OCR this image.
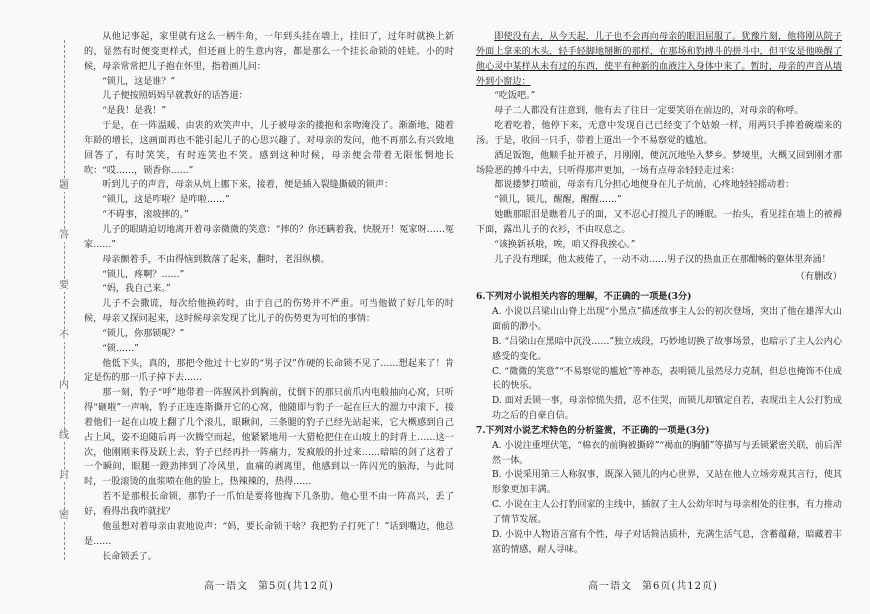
题
答
要
不
内
线
封
密

从他记事起，家里就有这么一柄牛角，一年到头挂在墙上，挂旧了，过年时就换上新的，显然有时便变更样式，但还画上的生意内容，都是那么一个挂长命锁的娃娃。小的时候，母亲常常把儿子抱在怀里，指着画儿问：

“锁儿，这是谁？”

儿子便按照妈妈早就教好的话答道：

“是我！是我！”

于是，在一阵温暖、由衷的欢笑声中，儿子被母亲的搂抱和亲吻淹没了。渐渐地，随着年龄的增长，这画面再也不能引起儿子的心思兴趣了。对母亲的发问，他不再那么有兴致地回答了，有时笑笑，有时连笑也不笑。感到这种时候，母亲便会带着无限怅惘地长吹：“哎……，锁香你……”

听到儿子的声音，母亲从炕上挪下来，接着，便是插入裂缝撕破的锁声：

“锁儿，这是咋啦？是咋啦……”

“不碍事，滚坡摔的。”

儿子的眼睛迫切地离开着母亲微微的笑意：“摔的？你还瞒着我，快脱开！冤家呀……冤家……”

母亲颤着手，不由得恼到数落了起来，翻时，老泪纵横。

“锁儿，疼啊？……”

“妈，我自己来。”

儿子不会撒谎，每次给他换药时，由于自己的伤势并不严重。可当他做了好几年的时候，母亲又探问起来，这时候母亲发现了比儿子的伤势更为可怕的事情：

“锁儿，你那锁呢？”

“锁……”

他低下头，真的，那把令他过十七岁的“男子汉”作硬的长命锁不见了……想起来了！肯定是伤的那一爪子掉下去……

那一刻，豹子“呼”地带着一阵腥风扑到胸前，仗倒下的那只前爪内电般抽向心窝，只听得“砸啦”一声响，豹子正连连斯撕开它的心窝，他随即与豹子一起在巨大的溜力中滚下，接着他们一起在山坡上翻了几个滚儿，眼瞅间，三条腿的豹子已经先站起来，它大概感到自己占上风，姿不迫随后再一次腾空而起，他紧紧地用一大猎枪把住在山坡上的封背上……这一次，他刚刚来得及跃上去，豹子已经再扑一阵痛力，发疯般的扑过来……暗暗的剑了这着了一个瞬间，眼腿一蹬劲摔到了冷风里，血痛的剥离里，他感到以一阵闪光的脑海，与此同时，一股滚烫的血浆喷在他的脸上，热辣辣的，热得……

若不是那根长命锁，那豹子一爪怕是要将他掏下几条肋。他心里不由一阵高兴，丢了好，看得出我咋就找？

他虽想对着母亲由衷地说声：“妈，要长命锁干啥？我把豹子打死了！”话到嘴边，他总是……

长命锁丢了。

即使没有去，从今天起，儿子也不会再向母亲的眼泪屈服了。犹豫片刻，他将刚从院子外面上拿来的木头，轻手轻脚地掰断的那样，在那场和豹搏斗的拼斗中，但平安是他唤醒了他心灵中某样从未有过的东西，使平有种新的血液注入身体中来了。暂时，母亲的声音从墙外到小窗边：

“吃饭吧。”

母子二人都没有注意到，他有去了往日一定要笑语在前边的，对母亲的称呼。

吃着吃着，他停下来，无意中发现自己已经变了个姑娘一样，用两只手捧着碗端来的汤。于是，收回一只手，带着上道出一个不易察觉的尴尬。

酒足饭饱，他顺手扯开被子，月刚刚，便沉沉地坠入梦乡。梦境里，大概又回到刚才那场险恶的搏斗中去，只听得那声更加，一场有点母亲轻轻走过来：

都说搂梦打喷前，母亲有几分担心地便身在儿子炕前，心疼地轻轻摇动着：

“锁儿，锁儿，醒醒，醒醒……”

她瞧那眼泪是瞧着儿子的面，又不忍心打搅儿子的睡眠。一抬头，看见挂在墙上的被褥下面，露出儿子的衣衫，不由叹息之。

“该换新袄啦，唉，咱又得我挨心。”

儿子没有理睬，他太疲倦了，一动不动……男子汉的热血正在那酣畅的躯体里奔涌！

（有删改）

6.下列对小说相关内容的理解，不正确的一项是(3分)

A. 小说以吕梁山山脊上出现“小黑点”描述故事主人公的初次登场，突出了他在雄浑大山面前的渺小。

B. “吕梁山在黑暗中沉没……”独立成段，巧妙地切换了故事场景，也暗示了主人公内心感受的变化。

C. “微微的笑意”“不易察觉的尴尬”等神态，表明锁儿虽然尽力克制，但总也掩饰不住成长的快乐。

D. 面对丢锁一事，母亲惊慌失措，忍不住哭，而锁儿却镇定自若，表现出主人公打豹成功之后的自豪自信。

7.下列对小说艺术特色的分析鉴赏，不正确的一项是(3分)

A. 小说注重埋伏笔，“棉衣的前胸被撕碎”“褐血的胸脯”等描写与丢锁紧密关联，前后浑然一体。

B. 小说采用第三人称叙事，既深入锁儿的内心世界，又站在他人立场旁观其言行，使其形象更加丰满。

C. 小说在主人公打豹回家的主线中，插叙了主人公幼年时与母亲相处的往事，有力推动了情节发展。

D. 小说中人物语言富有个性，母子对话简洁质朴，充满生活气息，含蓄蕴藉，暗藏着丰富的情感，耐人寻味。

高一语文 第5页(共12页)	高一语文 第6页(共12页)
